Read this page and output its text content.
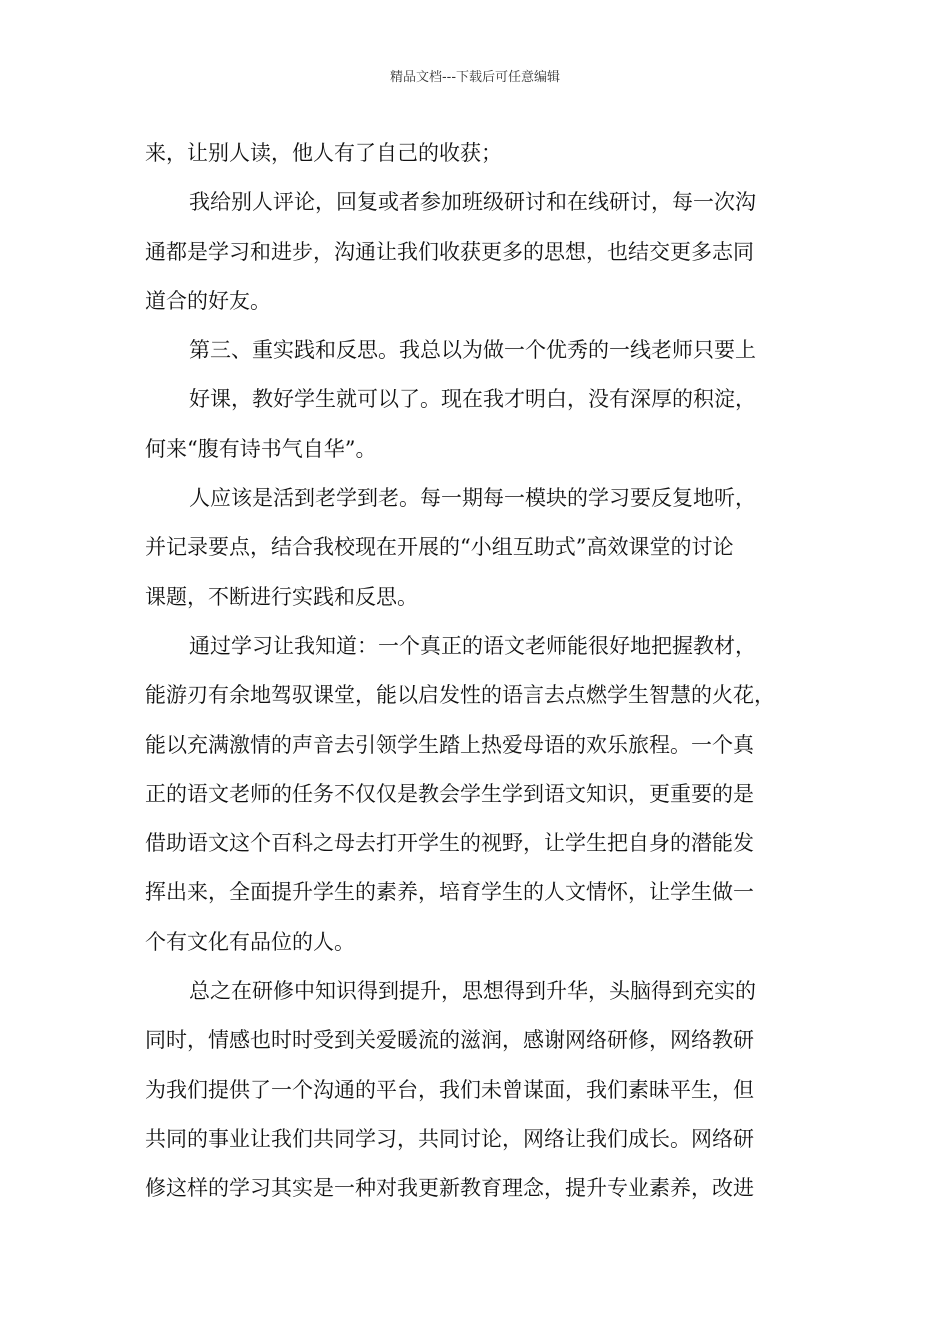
精品文档---下载后可任意编辑
来，让别人读，他人有了自己的收获；
我给别人评论，回复或者参加班级研讨和在线研讨，每一次沟
通都是学习和进步，沟通让我们收获更多的思想，也结交更多志同
道合的好友。
第三、重实践和反思。我总以为做一个优秀的一线老师只要上
好课，教好学生就可以了。现在我才明白，没有深厚的积淀，
何来“腹有诗书气自华”。
人应该是活到老学到老。每一期每一模块的学习要反复地听，
并记录要点，结合我校现在开展的“小组互助式”高效课堂的讨论
课题，不断进行实践和反思。
通过学习让我知道：一个真正的语文老师能很好地把握教材，
能游刃有余地驾驭课堂，能以启发性的语言去点燃学生智慧的火花，
能以充满激情的声音去引领学生踏上热爱母语的欢乐旅程。一个真
正的语文老师的任务不仅仅是教会学生学到语文知识，更重要的是
借助语文这个百科之母去打开学生的视野，让学生把自身的潜能发
挥出来，全面提升学生的素养，培育学生的人文情怀，让学生做一
个有文化有品位的人。
总之在研修中知识得到提升，思想得到升华，头脑得到充实的
同时，情感也时时受到关爱暖流的滋润，感谢网络研修，网络教研
为我们提供了一个沟通的平台，我们未曾谋面，我们素昧平生，但
共同的事业让我们共同学习，共同讨论，网络让我们成长。网络研
修这样的学习其实是一种对我更新教育理念，提升专业素养，改进
